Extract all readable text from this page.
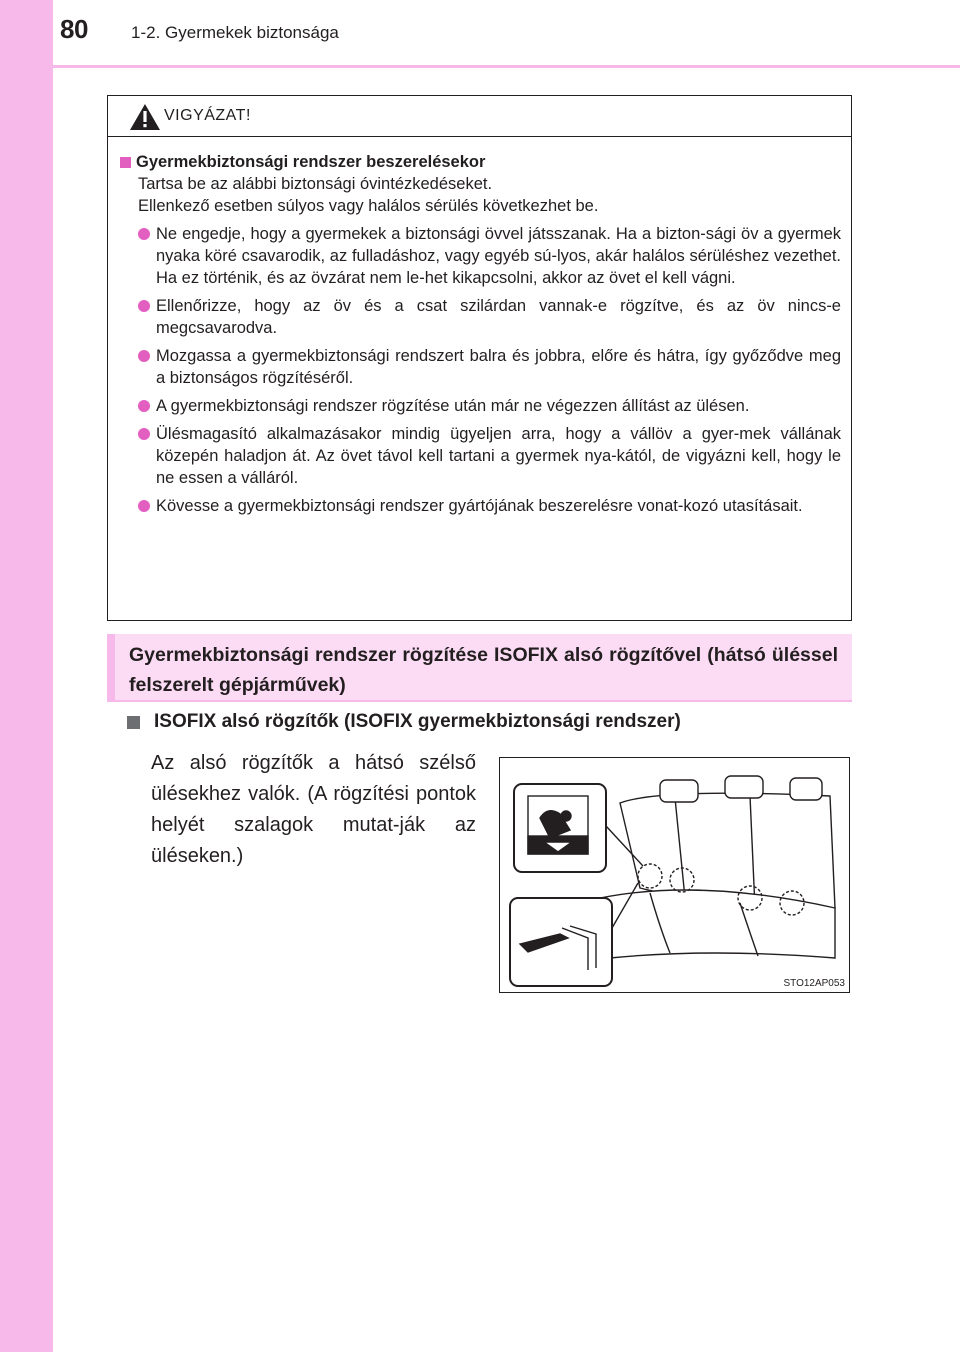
80	1-2. Gyermekek biztonsága
VIGYÁZAT!
Gyermekbiztonsági rendszer beszerelésekor
Tartsa be az alábbi biztonsági óvintézkedéseket.
Ellenkező esetben súlyos vagy halálos sérülés következhet be.
Ne engedje, hogy a gyermekek a biztonsági övvel játsszanak. Ha a bizton-sági öv a gyermek nyaka köré csavarodik, az fulladáshoz, vagy egyéb sú-lyos, akár halálos sérüléshez vezethet. Ha ez történik, és az övzárat nem le-het kikapcsolni, akkor az övet el kell vágni.
Ellenőrizze, hogy az öv és a csat szilárdan vannak-e rögzítve, és az öv nincs-e megcsavarodva.
Mozgassa a gyermekbiztonsági rendszert balra és jobbra, előre és hátra, így győződve meg a biztonságos rögzítéséről.
A gyermekbiztonsági rendszer rögzítése után már ne végezzen állítást az ülésen.
Ülésmagasító alkalmazásakor mindig ügyeljen arra, hogy a vállöv a gyer-mek vállának közepén haladjon át. Az övet távol kell tartani a gyermek nya-kától, de vigyázni kell, hogy le ne essen a válláról.
Kövesse a gyermekbiztonsági rendszer gyártójának beszerelésre vonat-kozó utasításait.
Gyermekbiztonsági rendszer rögzítése ISOFIX alsó rögzítővel (hátsó üléssel felszerelt gépjárművek)
ISOFIX alsó rögzítők (ISOFIX gyermekbiztonsági rendszer)
Az alsó rögzítők a hátsó szélső ülésekhez valók. (A rögzítési pontok helyét szalagok mutat-ják az üléseken.)
STO12AP053
